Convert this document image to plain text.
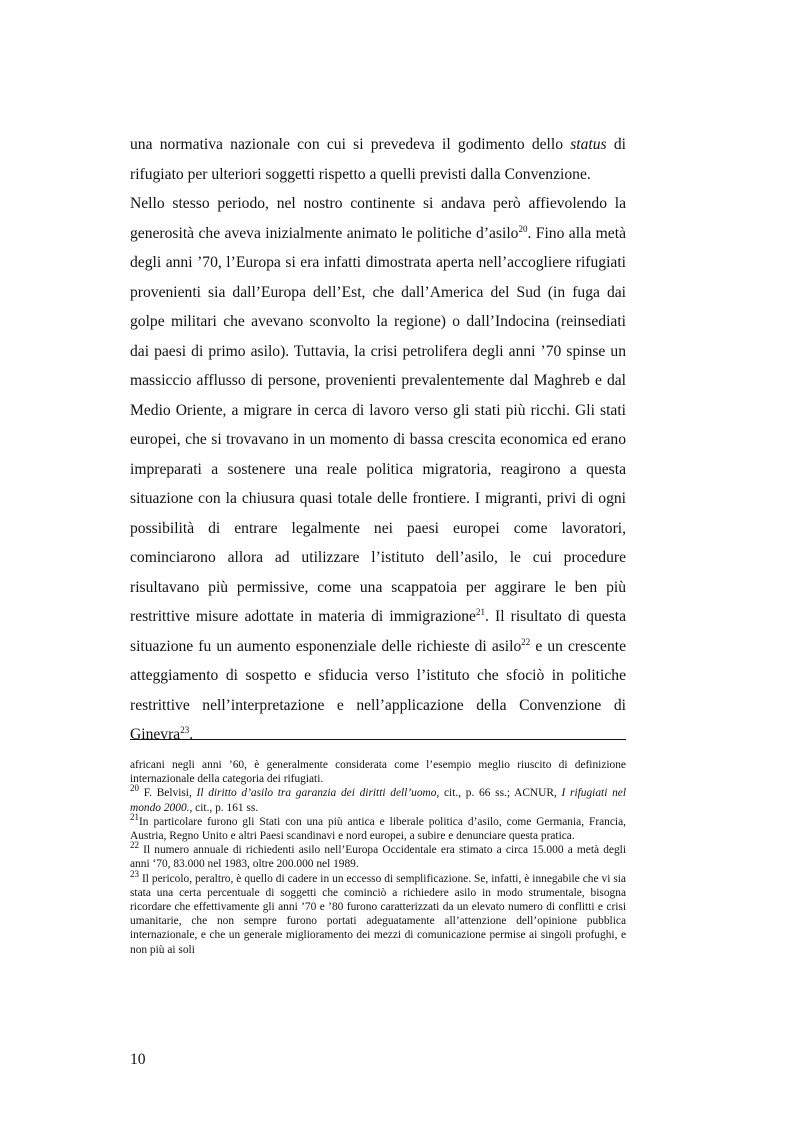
una normativa nazionale con cui si prevedeva il godimento dello status di rifugiato per ulteriori soggetti rispetto a quelli previsti dalla Convenzione.

Nello stesso periodo, nel nostro continente si andava però affievolendo la generosità che aveva inizialmente animato le politiche d’asilo$^{20}$. Fino alla metà degli anni ’70, l’Europa si era infatti dimostrata aperta nell’accogliere rifugiati provenienti sia dall’Europa dell’Est, che dall’America del Sud (in fuga dai golpe militari che avevano sconvolto la regione) o dall’Indocina (reinsediati dai paesi di primo asilo). Tuttavia, la crisi petrolifera degli anni ’70 spinse un massiccio afflusso di persone, provenienti prevalentemente dal Maghreb e dal Medio Oriente, a migrare in cerca di lavoro verso gli stati più ricchi. Gli stati europei, che si trovavano in un momento di bassa crescita economica ed erano impreparati a sostenere una reale politica migratoria, reagirono a questa situazione con la chiusura quasi totale delle frontiere. I migranti, privi di ogni possibilità di entrare legalmente nei paesi europei come lavoratori, cominciarono allora ad utilizzare l’istituto dell’asilo, le cui procedure risultavano più permissive, come una scappatoia per aggirare le ben più restrittive misure adottate in materia di immigrazione$^{21}$. Il risultato di questa situazione fu un aumento esponenziale delle richieste di asilo$^{22}$ e un crescente atteggiamento di sospetto e sfiducia verso l’istituto che sfociò in politiche restrittive nell’interpretazione e nell’applicazione della Convenzione di Ginevra$^{23}$.

africani negli anni ’60, è generalmente considerata come l’esempio meglio riuscito di definizione internazionale della categoria dei rifugiati.

$^{20}$ F. Belvisi, Il diritto d’asilo tra garanzia dei diritti dell’uomo, cit., p. 66 ss.; ACNUR, I rifugiati nel mondo 2000., cit., p. 161 ss.

$^{21}$In particolare furono gli Stati con una più antica e liberale politica d’asilo, come Germania, Francia, Austria, Regno Unito e altri Paesi scandinavi e nord europei, a subire e denunciare questa pratica.

$^{22}$ Il numero annuale di richiedenti asilo nell’Europa Occidentale era stimato a circa 15.000 a metà degli anni ‘70, 83.000 nel 1983, oltre 200.000 nel 1989.

$^{23}$ Il pericolo, peraltro, è quello di cadere in un eccesso di semplificazione. Se, infatti, è innegabile che vi sia stata una certa percentuale di soggetti che cominciò a richiedere asilo in modo strumentale, bisogna ricordare che effettivamente gli anni ’70 e ’80 furono caratterizzati da un elevato numero di conflitti e crisi umanitarie, che non sempre furono portati adeguatamente all’attenzione dell’opinione pubblica internazionale, e che un generale miglioramento dei mezzi di comunicazione permise ai singoli profughi, e non più ai soli

10
